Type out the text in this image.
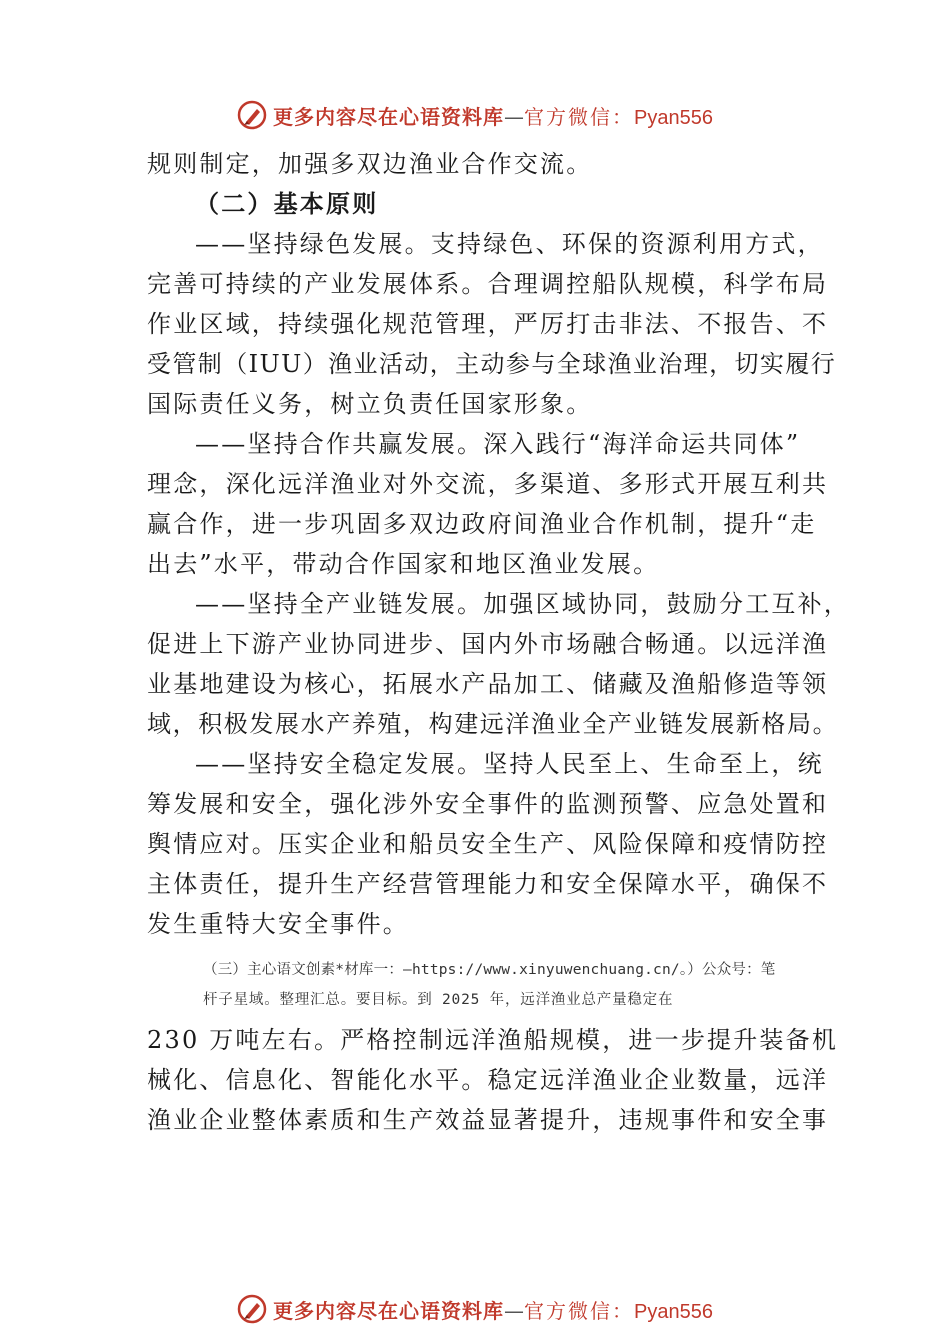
更多内容尽在心语资料库 — 官方微信： Pyan556
规则制定，加强多双边渔业合作交流。
（二）基本原则
——坚持绿色发展。支持绿色、环保的资源利用方式，
完善可持续的产业发展体系。合理调控船队规模，科学布局
作业区域，持续强化规范管理，严厉打击非法、不报告、不
受管制（IUU）渔业活动，主动参与全球渔业治理，切实履行
国际责任义务，树立负责任国家形象。
——坚持合作共赢发展。深入践行“海洋命运共同体”
理念，深化远洋渔业对外交流，多渠道、多形式开展互利共
赢合作，进一步巩固多双边政府间渔业合作机制，提升“走
出去”水平，带动合作国家和地区渔业发展。
——坚持全产业链发展。加强区域协同，鼓励分工互补，
促进上下游产业协同进步、国内外市场融合畅通。以远洋渔
业基地建设为核心，拓展水产品加工、储藏及渔船修造等领
域，积极发展水产养殖，构建远洋渔业全产业链发展新格局。
——坚持安全稳定发展。坚持人民至上、生命至上，统
筹发展和安全，强化涉外安全事件的监测预警、应急处置和
舆情应对。压实企业和船员安全生产、风险保障和疫情防控
主体责任，提升生产经营管理能力和安全保障水平，确保不
发生重特大安全事件。
（三）主心语文创素*材库一：—https://www.xinyuwenchuang.cn/。）公众号：笔
杆子星域。整理汇总。要目标。到 2025 年，远洋渔业总产量稳定在
230 万吨左右。严格控制远洋渔船规模，进一步提升装备机
械化、信息化、智能化水平。稳定远洋渔业企业数量，远洋
渔业企业整体素质和生产效益显著提升，违规事件和安全事
更多内容尽在心语资料库 — 官方微信： Pyan556
